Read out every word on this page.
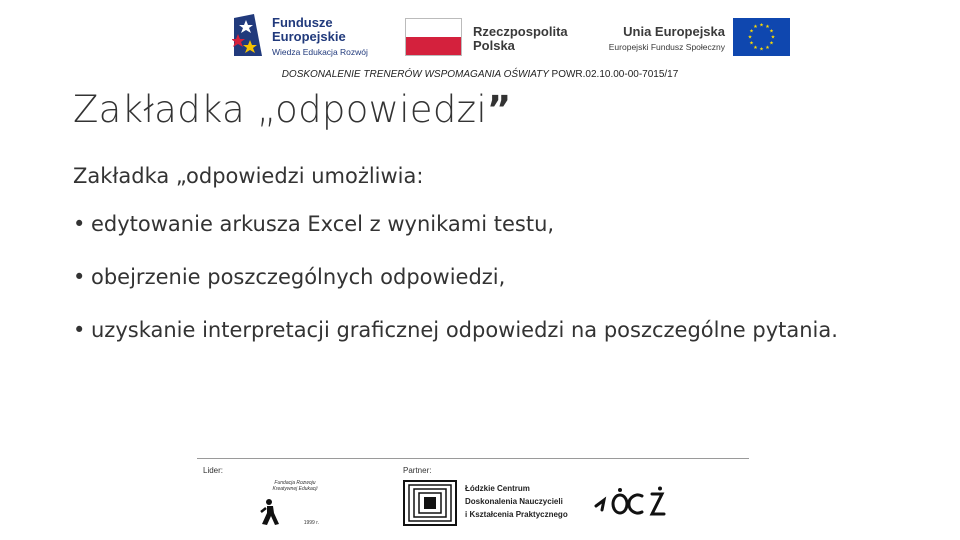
Fundusze
Europejskie
Wiedza Edukacja Rozwój
Rzeczpospolita
Polska
Unia Europejska
Europejski Fundusz Społeczny
★ ★
★
★
★
★
★
★
★
★
★
★
DOSKONALENIE TRENERÓW WSPOMAGANIA OŚWIATY POWR.02.10.00-00-7015/17
Zakładka „odpowiedzi”
Zakładka „odpowiedzi umożliwia:
• edytowanie arkusza Excel z wynikami testu,
• obejrzenie poszczególnych odpowiedzi,
• uzyskanie interpretacji graficznej odpowiedzi na poszczególne pytania.
Lider:	Partner:
Fundacja Rozwoju Kreatywnej Edukacji
1999 r.
Łódzkie Centrum
Doskonalenia Nauczycieli
i Kształcenia Praktycznego
